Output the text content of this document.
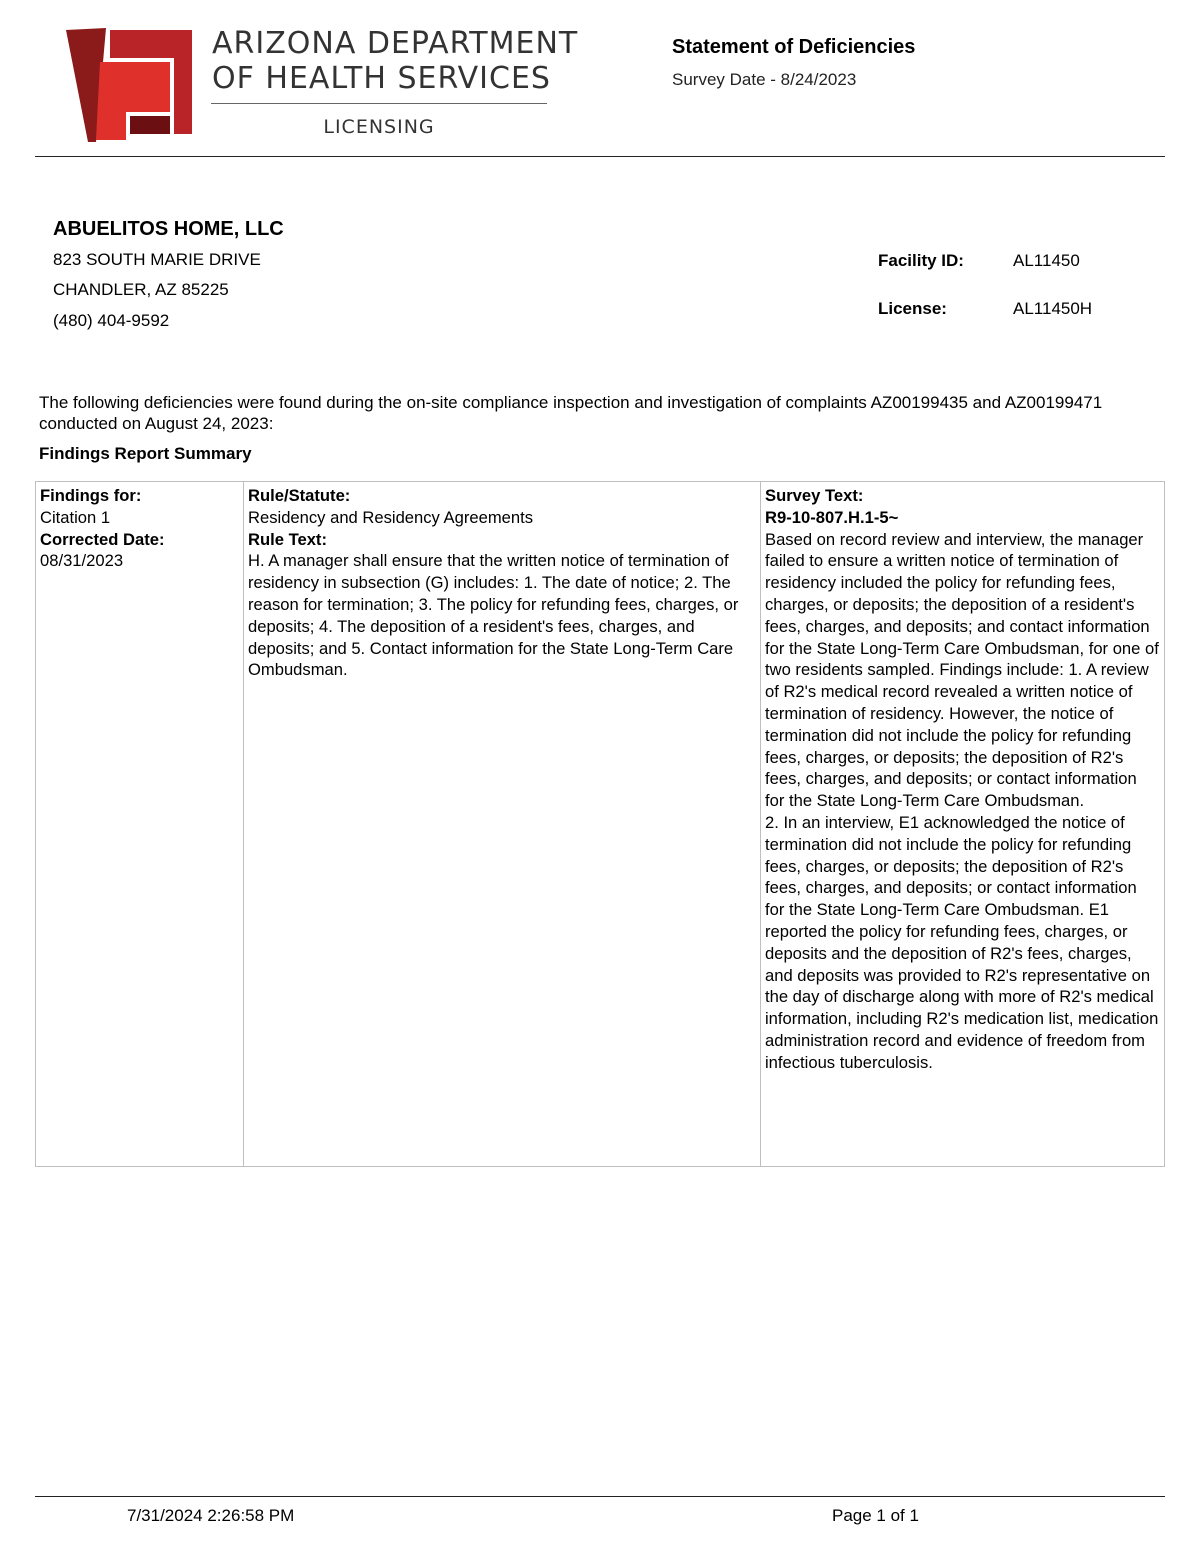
ARIZONA DEPARTMENT
OF HEALTH SERVICES
LICENSING
Statement of Deficiencies
Survey Date - 8/24/2023
ABUELITOS HOME, LLC
823 SOUTH MARIE DRIVE
CHANDLER, AZ 85225
(480) 404-9592
Facility ID:	AL11450
License:	AL11450H
The following deficiencies were found during the on-site compliance inspection and investigation of complaints AZ00199435 and AZ00199471 conducted on August 24, 2023:
Findings Report Summary
Findings for:
Citation 1
Corrected Date:
08/31/2023
Rule/Statute:
Residency and Residency Agreements
Rule Text:
H. A manager shall ensure that the written notice of termination of residency in subsection (G) includes: 1. The date of notice; 2. The reason for termination; 3. The policy for refunding fees, charges, or deposits; 4. The deposition of a resident's fees, charges, and deposits; and 5. Contact information for the State Long-Term Care Ombudsman.
Survey Text:
R9-10-807.H.1-5~
Based on record review and interview, the manager failed to ensure a written notice of termination of residency included the policy for refunding fees, charges, or deposits; the deposition of a resident's fees, charges, and deposits; and contact information for the State Long-Term Care Ombudsman, for one of two residents sampled. Findings include: 1. A review of R2's medical record revealed a written notice of termination of residency. However, the notice of termination did not include the policy for refunding fees, charges, or deposits; the deposition of R2's fees, charges, and deposits; or contact information for the State Long-Term Care Ombudsman.
2. In an interview, E1 acknowledged the notice of termination did not include the policy for refunding fees, charges, or deposits; the deposition of R2's fees, charges, and deposits; or contact information for the State Long-Term Care Ombudsman. E1 reported the policy for refunding fees, charges, or deposits and the deposition of R2's fees, charges, and deposits was provided to R2's representative on the day of discharge along with more of R2's medical information, including R2's medication list, medication administration record and evidence of freedom from infectious tuberculosis.
7/31/2024 2:26:58 PM	Page 1 of 1
